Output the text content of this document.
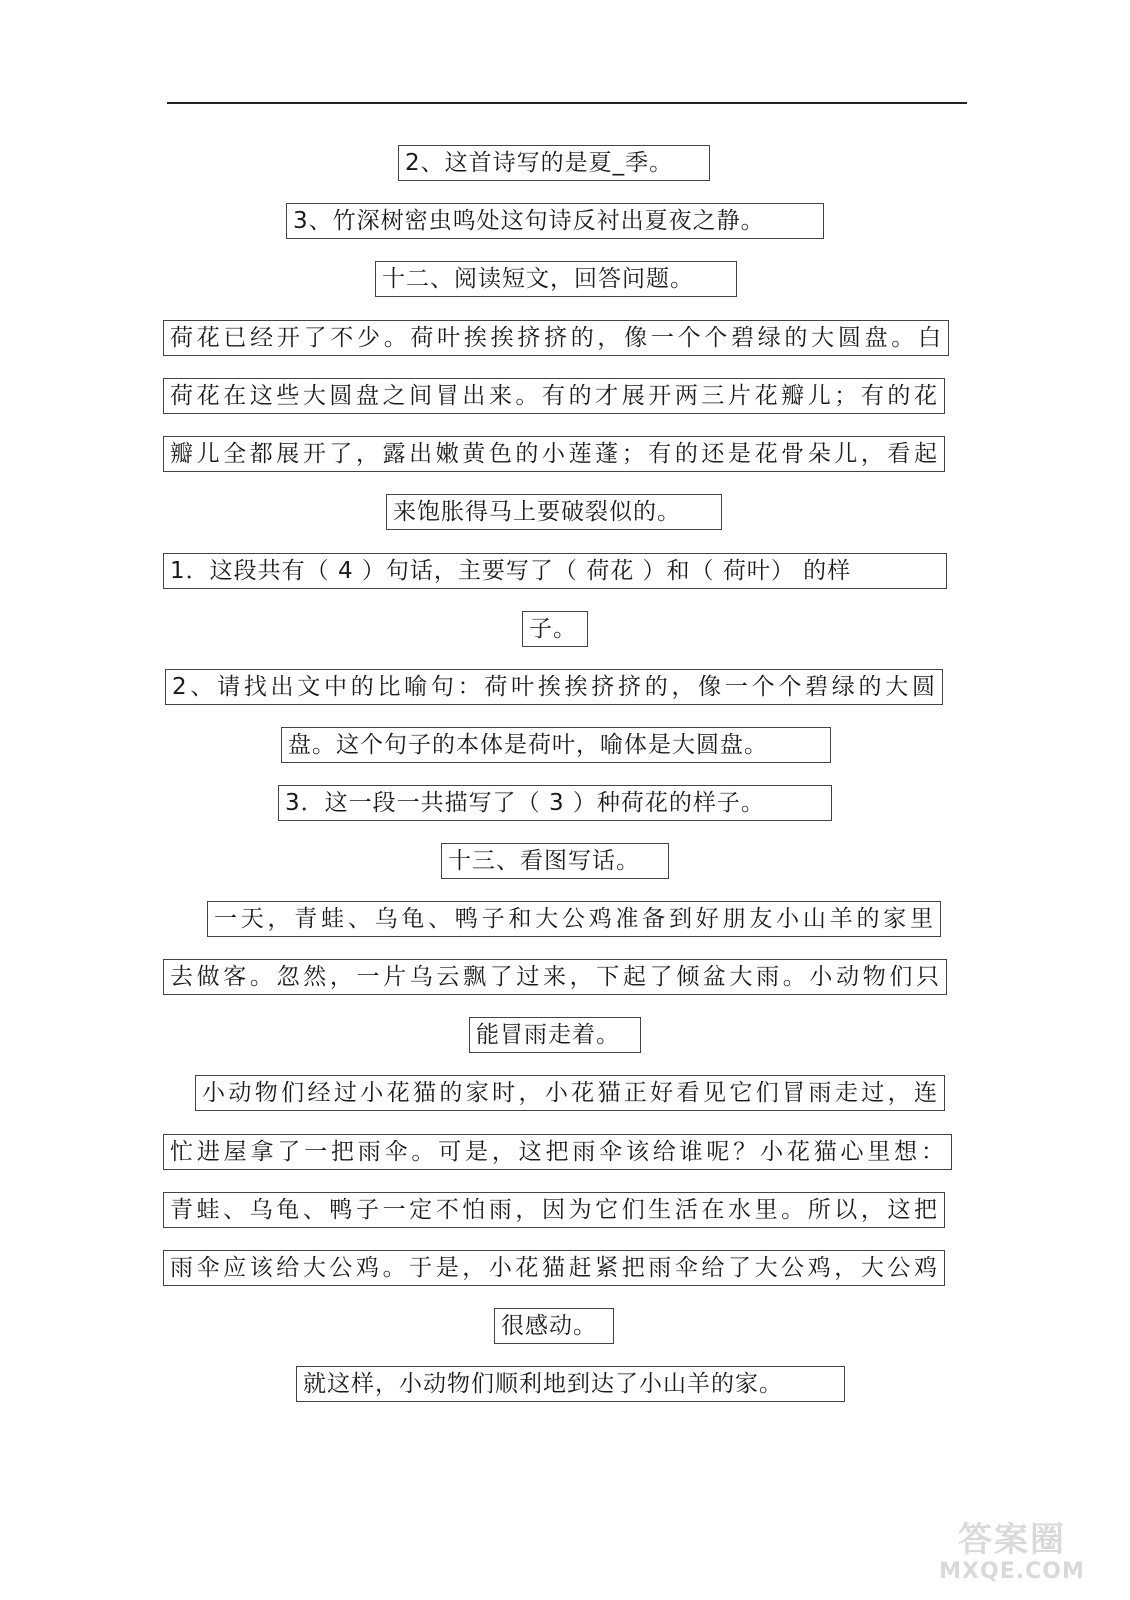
2、这首诗写的是夏_季。
3、竹深树密虫鸣处这句诗反衬出夏夜之静。
十二、阅读短文，回答问题。
荷花已经开了不少。荷叶挨挨挤挤的，像一个个碧绿的大圆盘。白
荷花在这些大圆盘之间冒出来。有的才展开两三片花瓣儿；有的花
瓣儿全都展开了，露出嫩黄色的小莲蓬；有的还是花骨朵儿，看起
来饱胀得马上要破裂似的。
1．这段共有（ 4 ）句话，主要写了（ 荷花 ）和（ 荷叶） 的样
子。
2、请找出文中的比喻句：荷叶挨挨挤挤的，像一个个碧绿的大圆
盘。这个句子的本体是荷叶，喻体是大圆盘。
3．这一段一共描写了（ 3 ）种荷花的样子。
十三、看图写话。
一天，青蛙、乌龟、鸭子和大公鸡准备到好朋友小山羊的家里
去做客。忽然，一片乌云飘了过来，下起了倾盆大雨。小动物们只
能冒雨走着。
小动物们经过小花猫的家时，小花猫正好看见它们冒雨走过，连
忙进屋拿了一把雨伞。可是，这把雨伞该给谁呢？小花猫心里想：
青蛙、乌龟、鸭子一定不怕雨，因为它们生活在水里。所以，这把
雨伞应该给大公鸡。于是，小花猫赶紧把雨伞给了大公鸡，大公鸡
很感动。
就这样，小动物们顺利地到达了小山羊的家。
答案圈
MXQE.COM
